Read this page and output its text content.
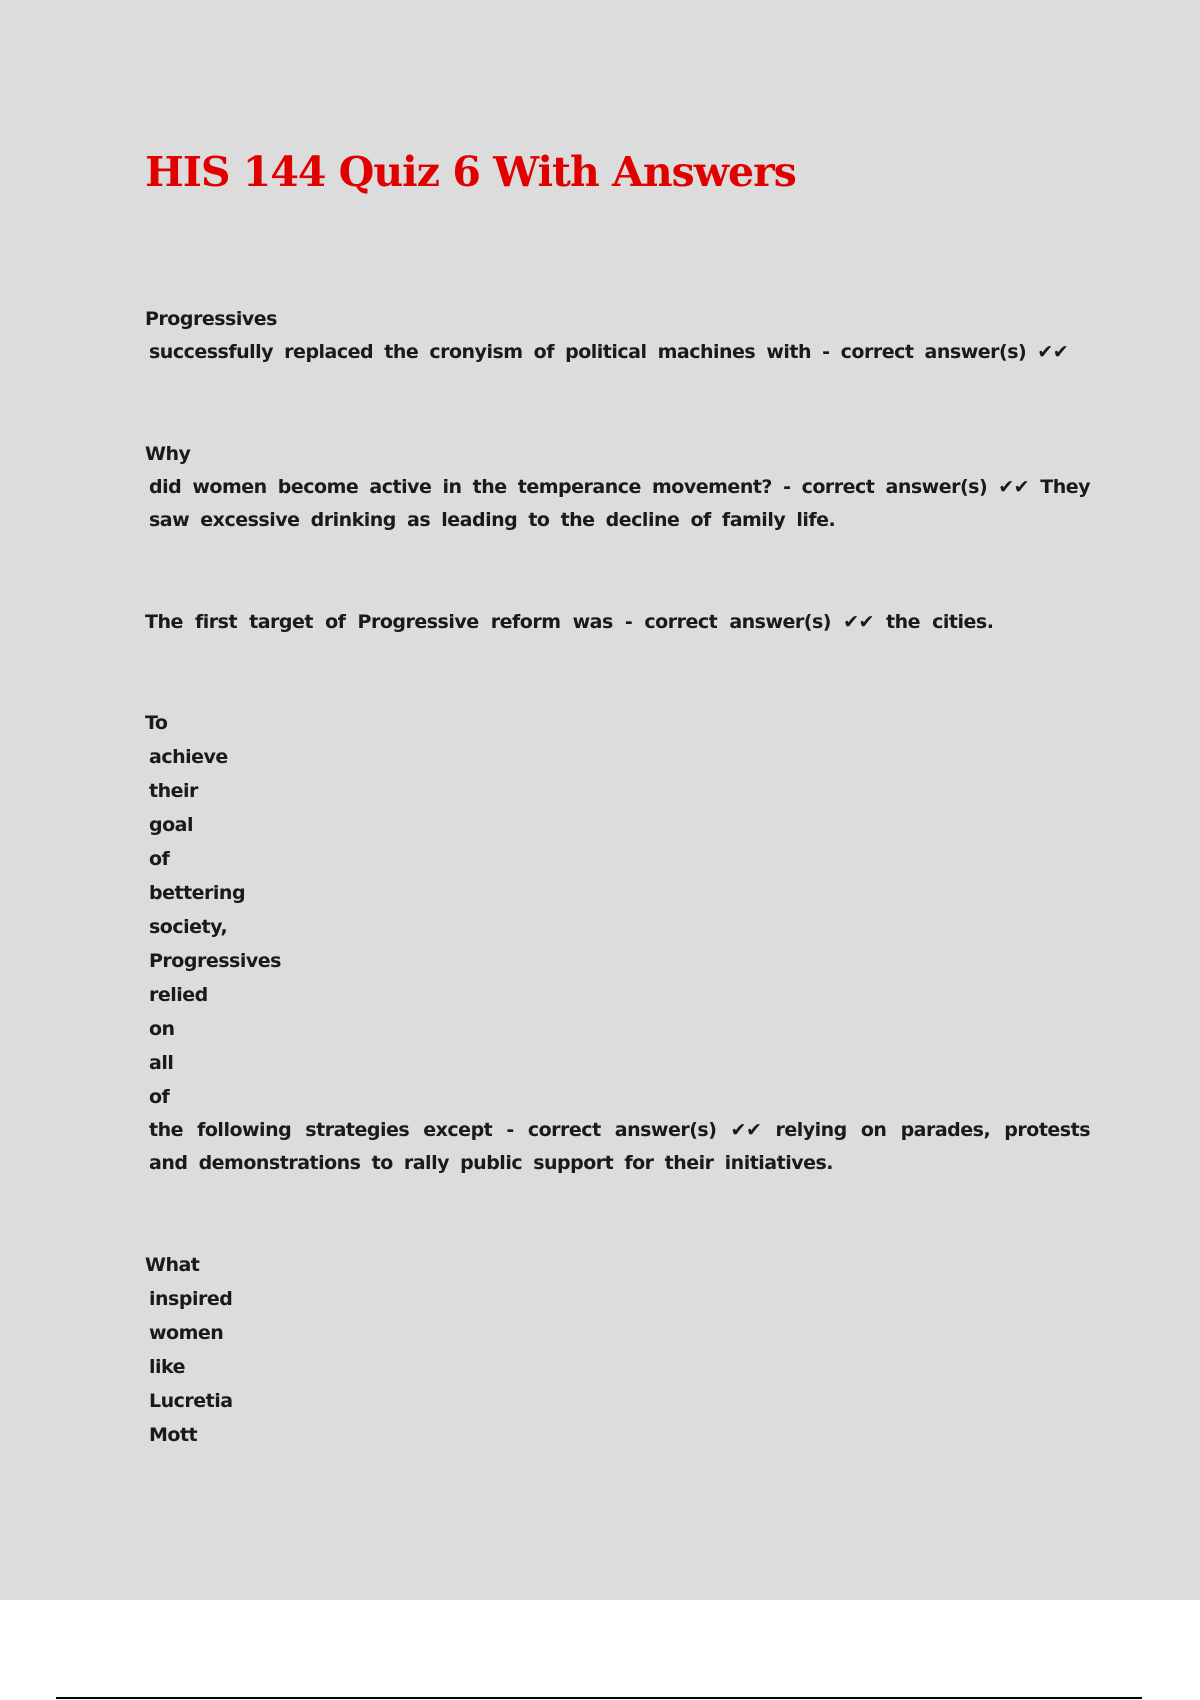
HIS 144 Quiz 6 With Answers
Progressives
successfully replaced the cronyism of political machines with - correct answer(s) ✔✔
Why
did women become active in the temperance movement? - correct answer(s) ✔✔ They saw excessive drinking as leading to the decline of family life.
The first target of Progressive reform was - correct answer(s) ✔✔ the cities.
To
achieve
their
goal
of
bettering
society,
Progressives
relied
on
all
of
the following strategies except - correct answer(s) ✔✔ relying on parades, protests and demonstrations to rally public support for their initiatives.
What
inspired
women
like
Lucretia
Mott
